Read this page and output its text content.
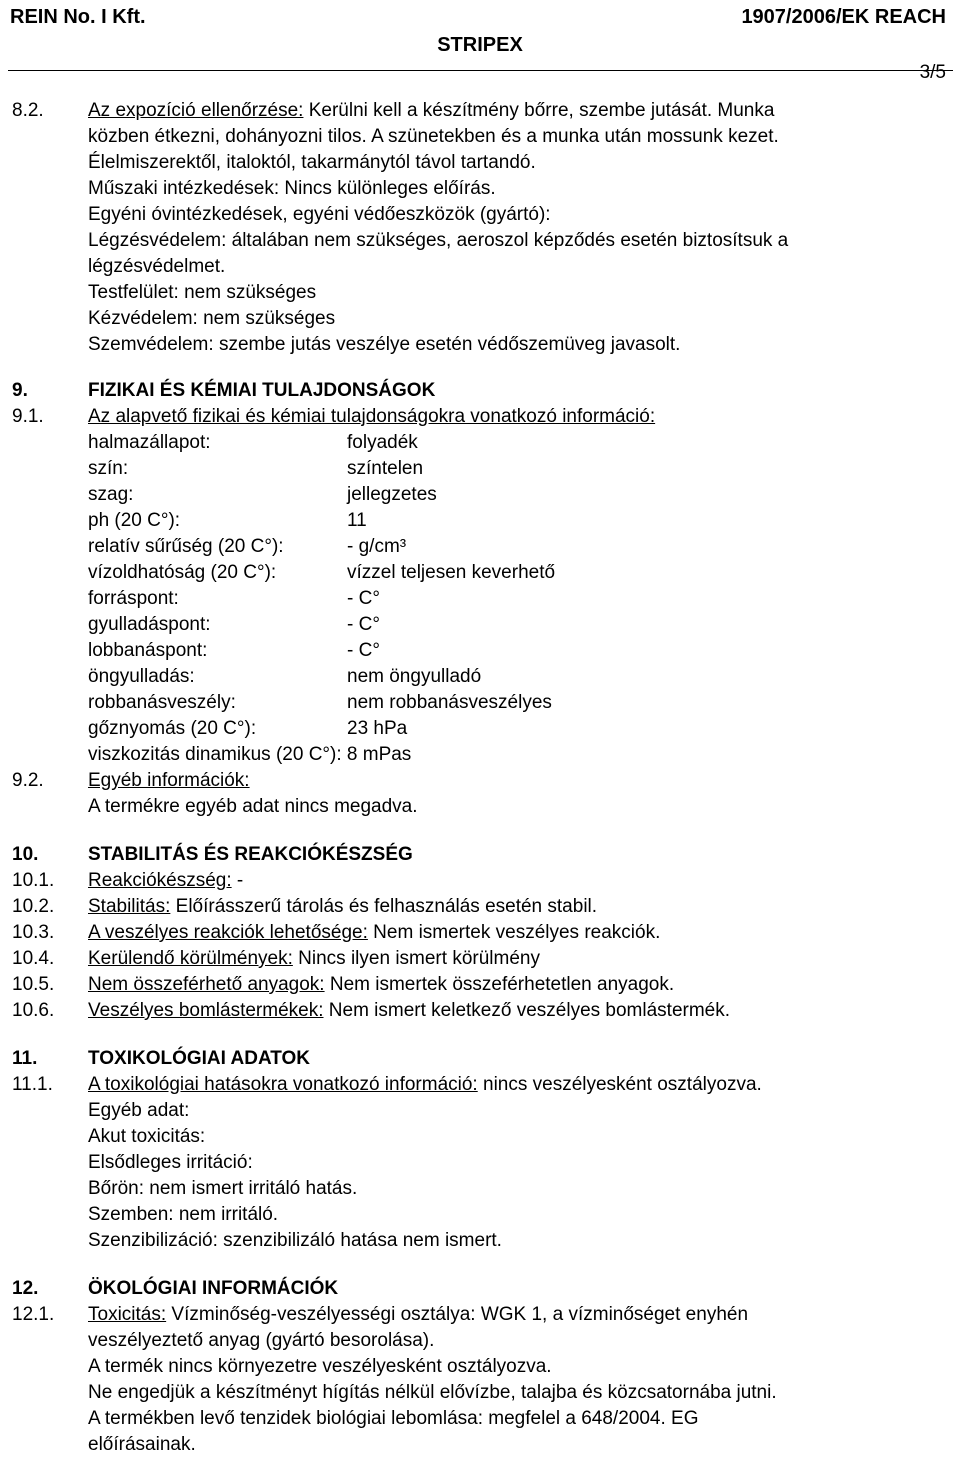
REIN No. I Kft.	1907/2006/EK REACH
STRIPEX
3/5
8.2. Az expozíció ellenőrzése: Kerülni kell a készítmény bőrre, szembe jutását. Munka
közben étkezni, dohányozni tilos. A szünetekben és a munka után mossunk kezet.
Élelmiszerektől, italoktól, takarmánytól távol tartandó.
Műszaki intézkedések: Nincs különleges előírás.
Egyéni óvintézkedések, egyéni védőeszközök (gyártó):
Légzésvédelem: általában nem szükséges, aeroszol képződés esetén biztosítsuk a
légzésvédelmet.
Testfelület: nem szükséges
Kézvédelem: nem szükséges
Szemvédelem: szembe jutás veszélye esetén védőszemüveg javasolt.
9.	FIZIKAI ÉS KÉMIAI TULAJDONSÁGOK
9.1. Az alapvető fizikai és kémiai tulajdonságokra vonatkozó információ:
halmazállapot:	folyadék
szín:	színtelen
szag:	jellegzetes
ph (20 C°):	11
relatív sűrűség (20 C°):	- g/cm³
vízoldhatóság (20 C°):	vízzel teljesen keverhető
forráspont:	- C°
gyulladáspont:	- C°
lobbanáspont:	- C°
öngyulladás:	nem öngyulladó
robbanásveszély:	nem robbanásveszélyes
gőznyomás (20 C°):	23 hPa
viszkozitás dinamikus (20 C°): 8 mPas
9.2. Egyéb információk:
A termékre egyéb adat nincs megadva.
10.	STABILITÁS ÉS REAKCIÓKÉSZSÉG
10.1. Reakciókészség: -
10.2. Stabilitás: Előírásszerű tárolás és felhasználás esetén stabil.
10.3. A veszélyes reakciók lehetősége: Nem ismertek veszélyes reakciók.
10.4. Kerülendő körülmények: Nincs ilyen ismert körülmény
10.5. Nem összeférhető anyagok: Nem ismertek összeférhetetlen anyagok.
10.6. Veszélyes bomlástermékek: Nem ismert keletkező veszélyes bomlástermék.
11.	TOXIKOLÓGIAI ADATOK
11.1. A toxikológiai hatásokra vonatkozó információ: nincs veszélyesként osztályozva.
Egyéb adat:
Akut toxicitás:
Elsődleges irritáció:
Bőrön: nem ismert irritáló hatás.
Szemben: nem irritáló.
Szenzibilizáció: szenzibilizáló hatása nem ismert.
12.	ÖKOLÓGIAI INFORMÁCIÓK
12.1. Toxicitás: Vízminőség-veszélyességi osztálya: WGK 1, a vízminőséget enyhén
veszélyeztető anyag (gyártó besorolása).
A termék nincs környezetre veszélyesként osztályozva.
Ne engedjük a készítményt hígítás nélkül elővízbe, talajba és közcsatornába jutni.
A termékben levő tenzidek biológiai lebomlása: megfelel a 648/2004. EG
előírásainak.
